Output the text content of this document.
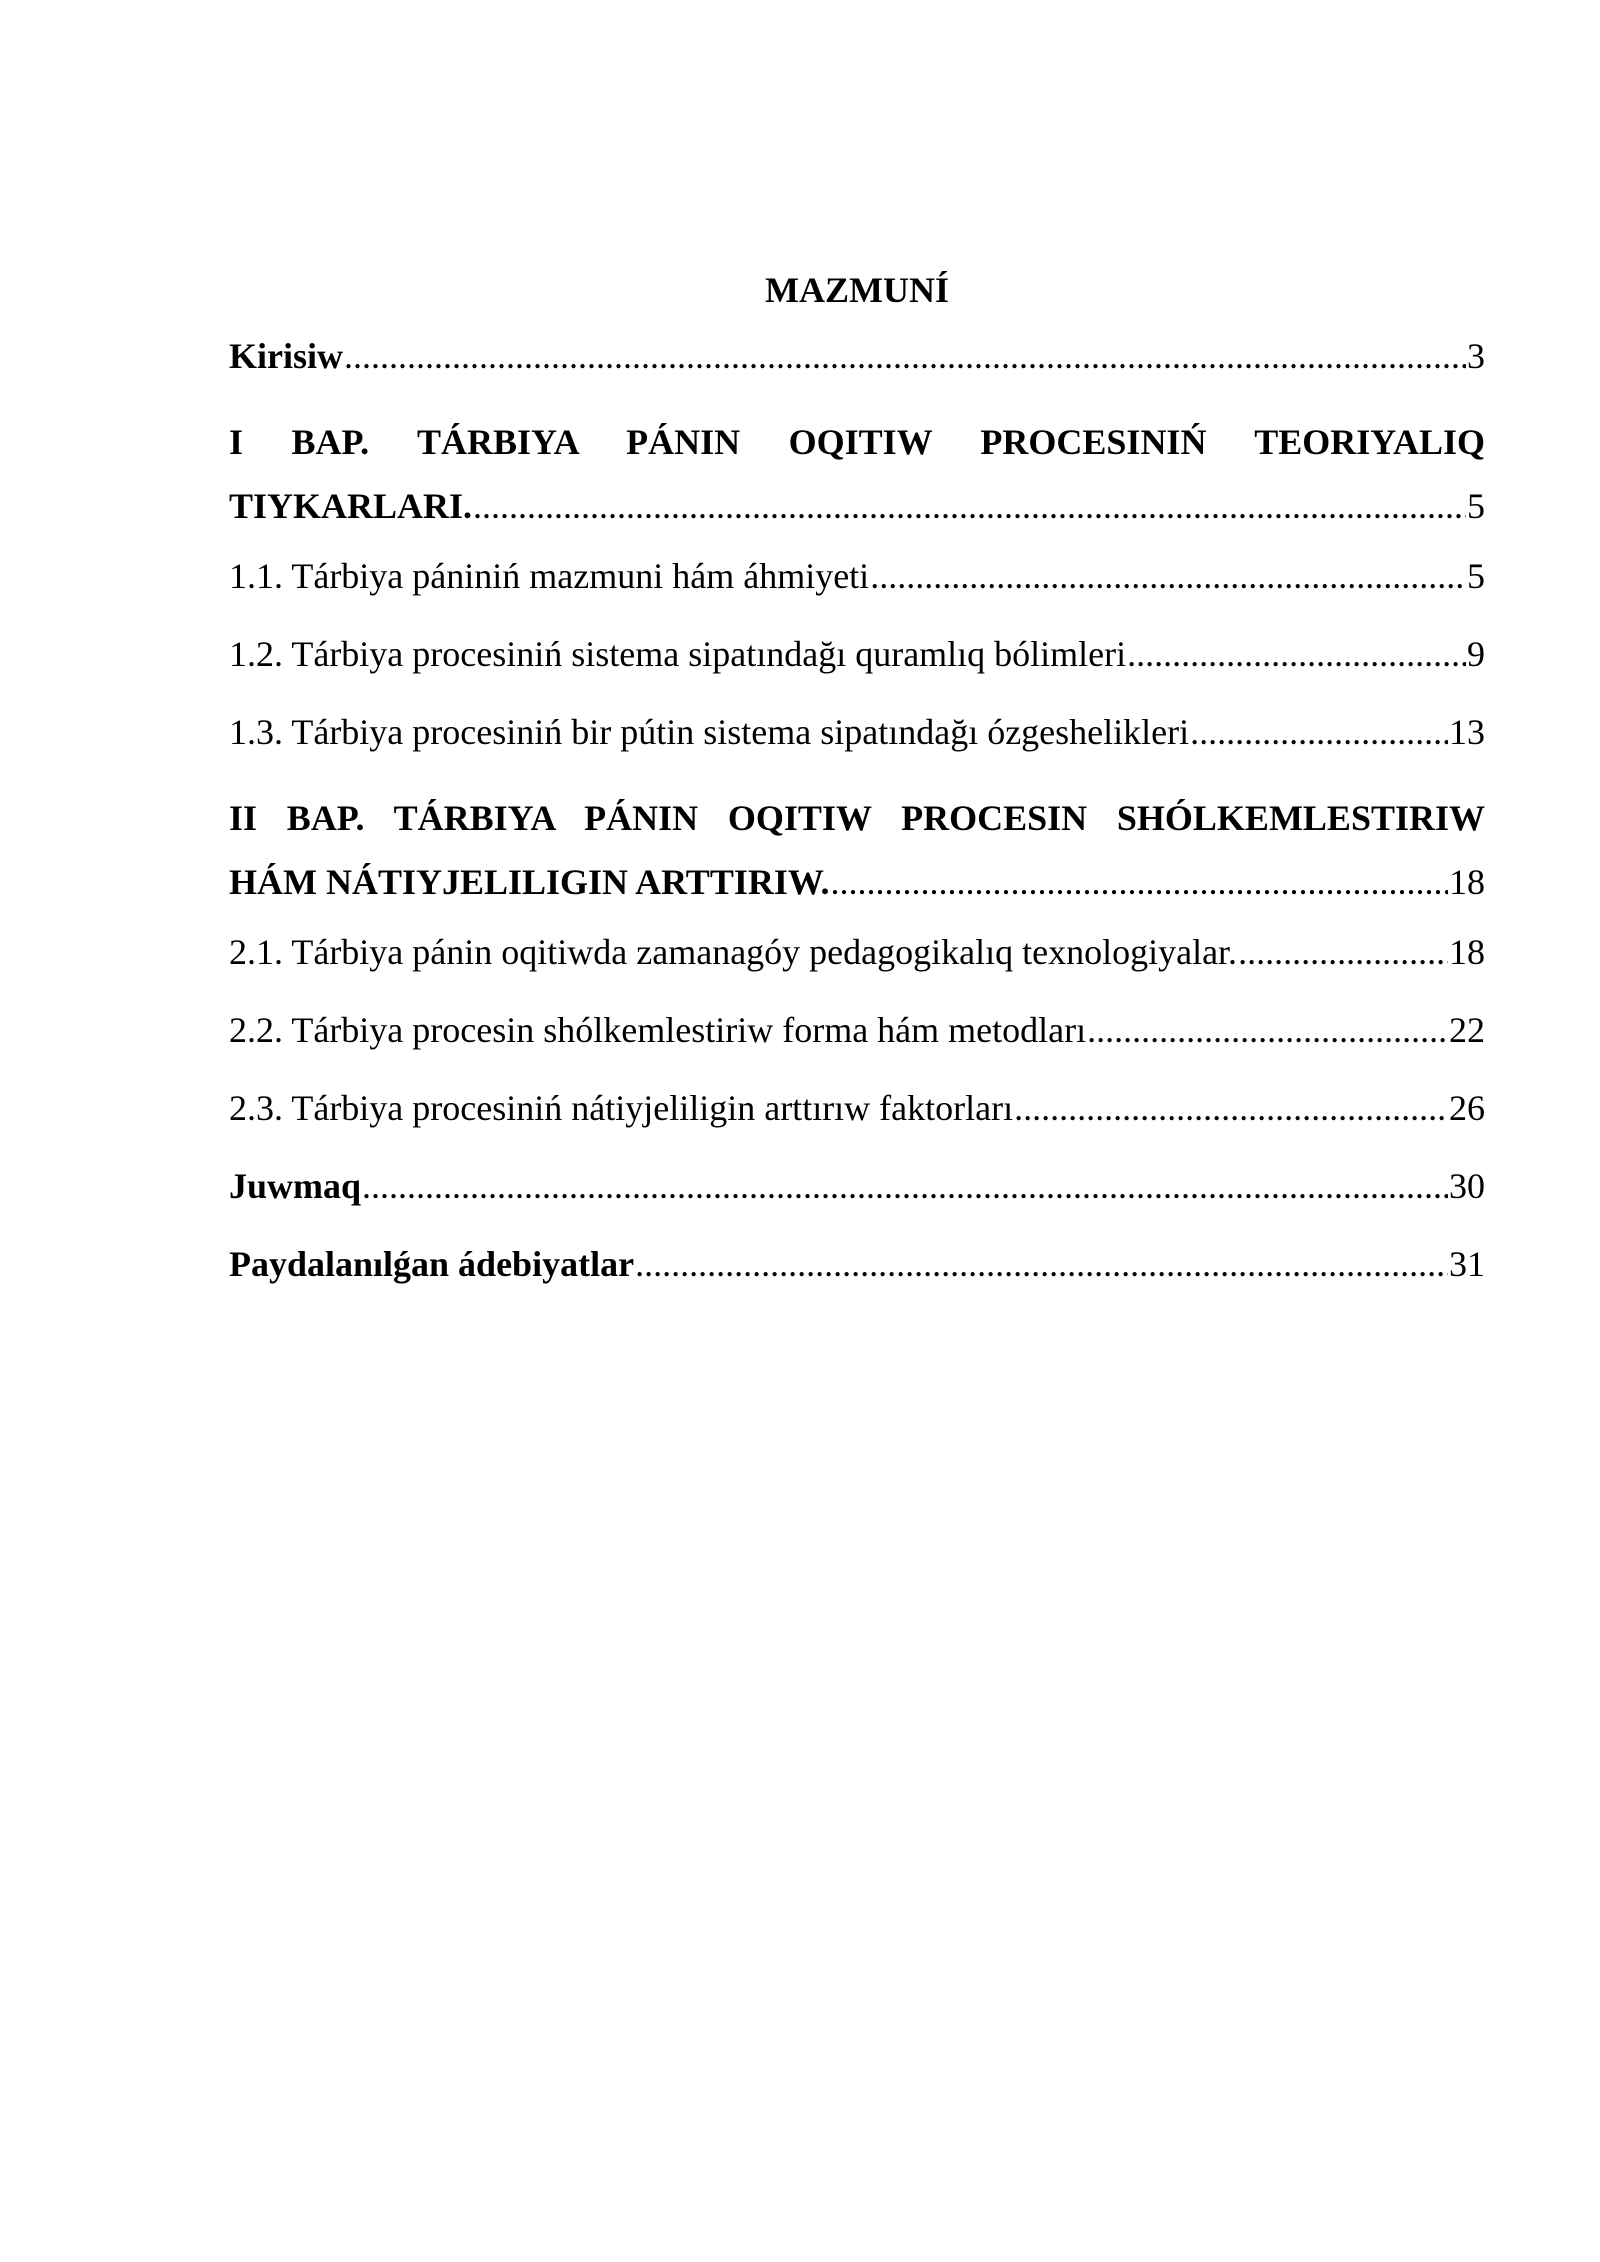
MAZMUNÍ
Kirisiw .....	3
I BAP. TÁRBIYA PÁNIN OQITIW PROCESINIŃ TEORIYALIQ
TIYKARLARI. .....	5
1.1. Tárbiya pániniń mazmuni hám áhmiyeti .....	5
1.2. Tárbiya procesiniń sistema sipatındağı quramlıq bólimleri .....	9
1.3. Tárbiya procesiniń bir pútin sistema sipatındağı ózgeshelikleri .....	13
II BAP. TÁRBIYA PÁNIN OQITIW PROCESIN SHÓLKEMLESTIRIW
HÁM NÁTIYJELILIGIN ARTTIRIW. .....	18
2.1. Tárbiya pánin oqitiwda zamanagóy pedagogikalıq texnologiyalar. .....	18
2.2. Tárbiya procesin shólkemlestiriw forma hám metodları .....	22
2.3. Tárbiya procesiniń nátiyjeliligin arttırıw faktorları .....	26
Juwmaq .....	30
Paydalanılǵan ádebiyatlar .....	31
